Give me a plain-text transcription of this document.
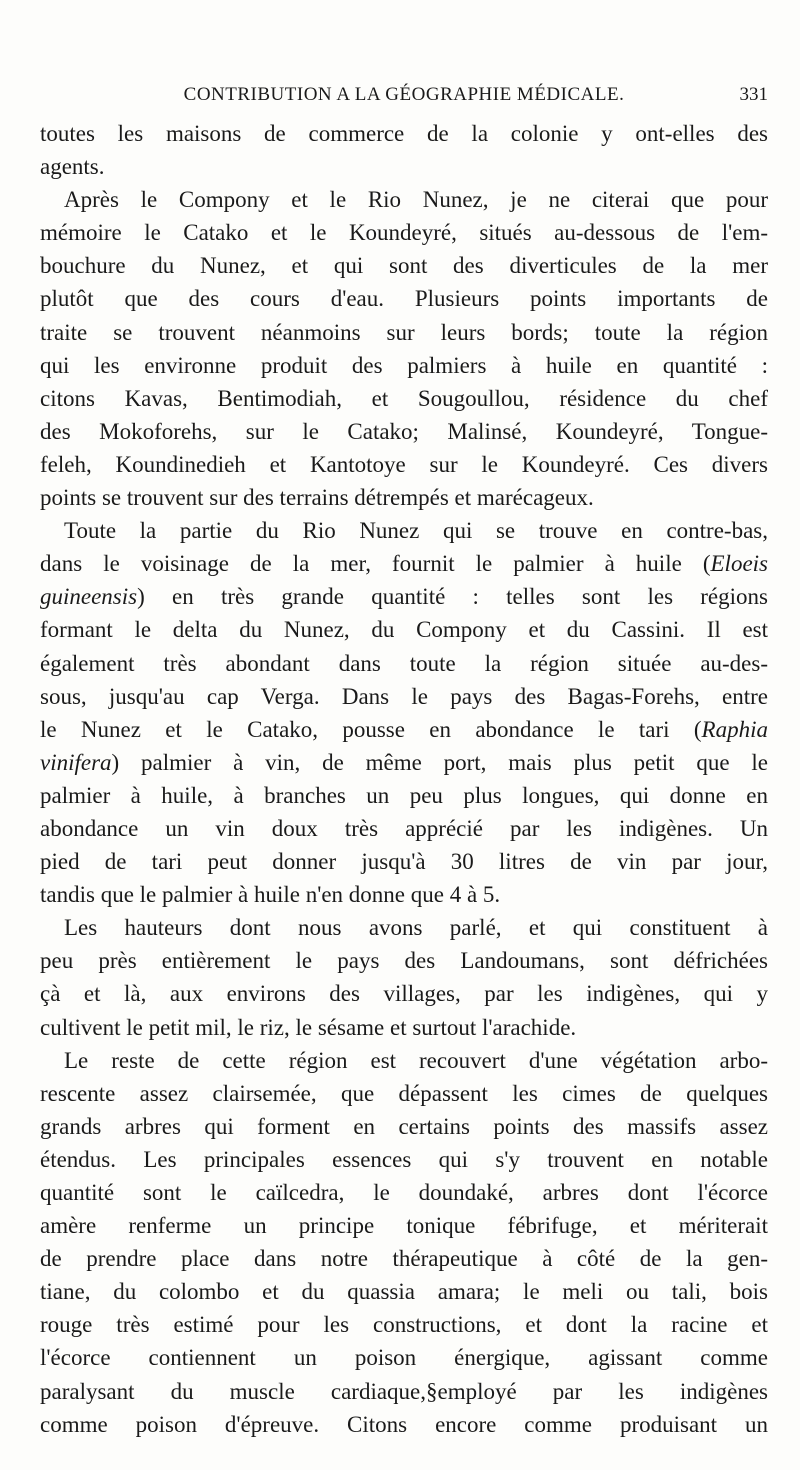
CONTRIBUTION A LA GÉOGRAPHIE MÉDICALE.	331
toutes les maisons de commerce de la colonie y ont-elles des
agents.
Après le Compony et le Rio Nunez, je ne citerai que pour
mémoire le Catako et le Koundeyré, situés au-dessous de l'em-
bouchure du Nunez, et qui sont des diverticules de la mer
plutôt que des cours d'eau. Plusieurs points importants de
traite se trouvent néanmoins sur leurs bords; toute la région
qui les environne produit des palmiers à huile en quantité :
citons Kavas, Bentimodiah, et Sougoullou, résidence du chef
des Mokoforehs, sur le Catako; Malinsé, Koundeyré, Tongue-
feleh, Koundinedieh et Kantotoye sur le Koundeyré. Ces divers
points se trouvent sur des terrains détrempés et marécageux.
Toute la partie du Rio Nunez qui se trouve en contre-bas,
dans le voisinage de la mer, fournit le palmier à huile (Eloeis
guineensis) en très grande quantité : telles sont les régions
formant le delta du Nunez, du Compony et du Cassini. Il est
également très abondant dans toute la région située au-des-
sous, jusqu'au cap Verga. Dans le pays des Bagas-Forehs, entre
le Nunez et le Catako, pousse en abondance le tari (Raphia
vinifera) palmier à vin, de même port, mais plus petit que le
palmier à huile, à branches un peu plus longues, qui donne en
abondance un vin doux très apprécié par les indigènes. Un
pied de tari peut donner jusqu'à 30 litres de vin par jour,
tandis que le palmier à huile n'en donne que 4 à 5.
Les hauteurs dont nous avons parlé, et qui constituent à
peu près entièrement le pays des Landoumans, sont défrichées
çà et là, aux environs des villages, par les indigènes, qui y
cultivent le petit mil, le riz, le sésame et surtout l'arachide.
Le reste de cette région est recouvert d'une végétation arbo-
rescente assez clairsemée, que dépassent les cimes de quelques
grands arbres qui forment en certains points des massifs assez
étendus. Les principales essences qui s'y trouvent en notable
quantité sont le caïlcedra, le doundaké, arbres dont l'écorce
amère renferme un principe tonique fébrifuge, et mériterait
de prendre place dans notre thérapeutique à côté de la gen-
tiane, du colombo et du quassia amara; le meli ou tali, bois
rouge très estimé pour les constructions, et dont la racine et
l'écorce contiennent un poison énergique, agissant comme
paralysant du muscle cardiaque,§employé par les indigènes
comme poison d'épreuve. Citons encore comme produisant un
